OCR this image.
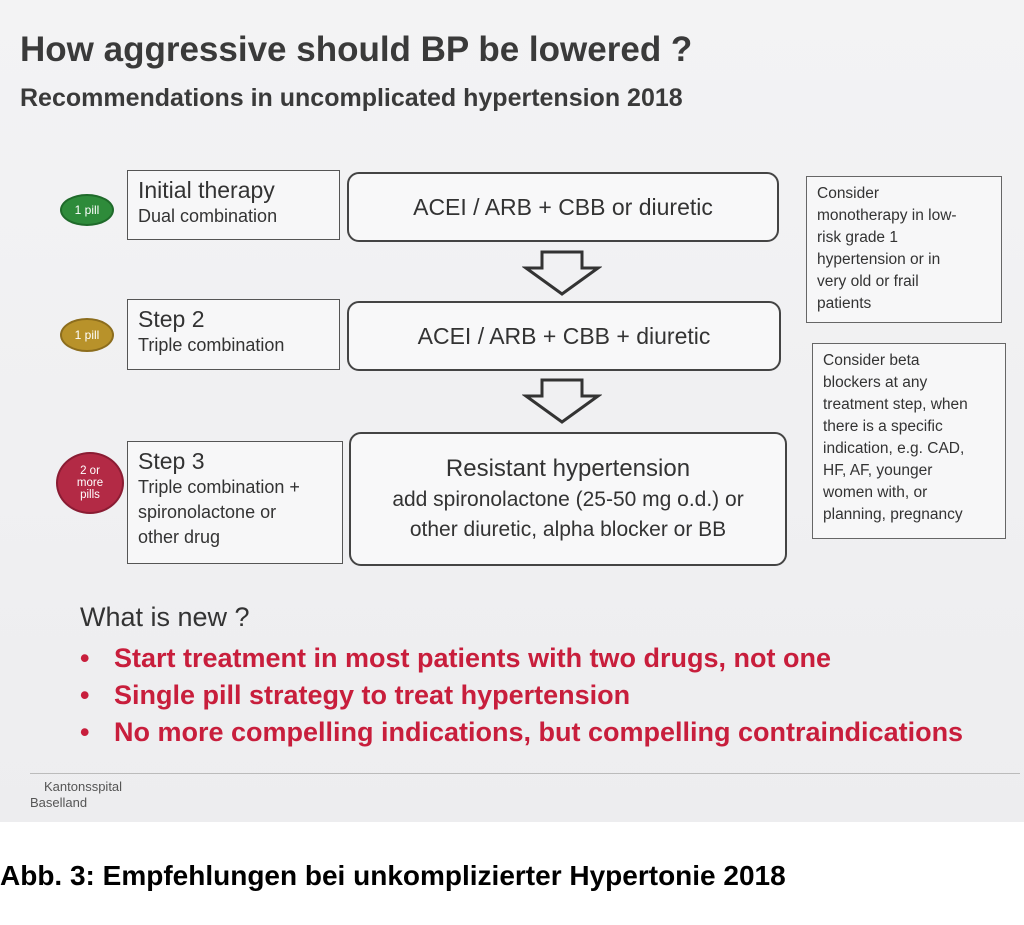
How aggressive should BP be lowered ?
Recommendations in uncomplicated hypertension 2018
1 pill
Initial therapy
Dual combination	ACEI / ARB + CBB or diuretic
1 pill
Step 2
Triple combination	ACEI / ARB + CBB + diuretic
2 or
more
pills
Step 3
Triple combination +
spironolactone or
other drug
Resistant hypertension
add spironolactone (25-50 mg o.d.) or
other diuretic, alpha blocker or BB
Consider
monotherapy in low-
risk grade 1
hypertension or in
very old or frail
patients
Consider beta
blockers at any
treatment step, when
there is a specific
indication, e.g. CAD,
HF, AF, younger
women with, or
planning, pregnancy
What is new ?
• Start treatment in most patients with two drugs, not one
• Single pill strategy to treat hypertension
• No more compelling indications, but compelling contraindications
Kantonsspital
Baselland
Abb. 3: Empfehlungen bei unkomplizierter Hypertonie 2018
